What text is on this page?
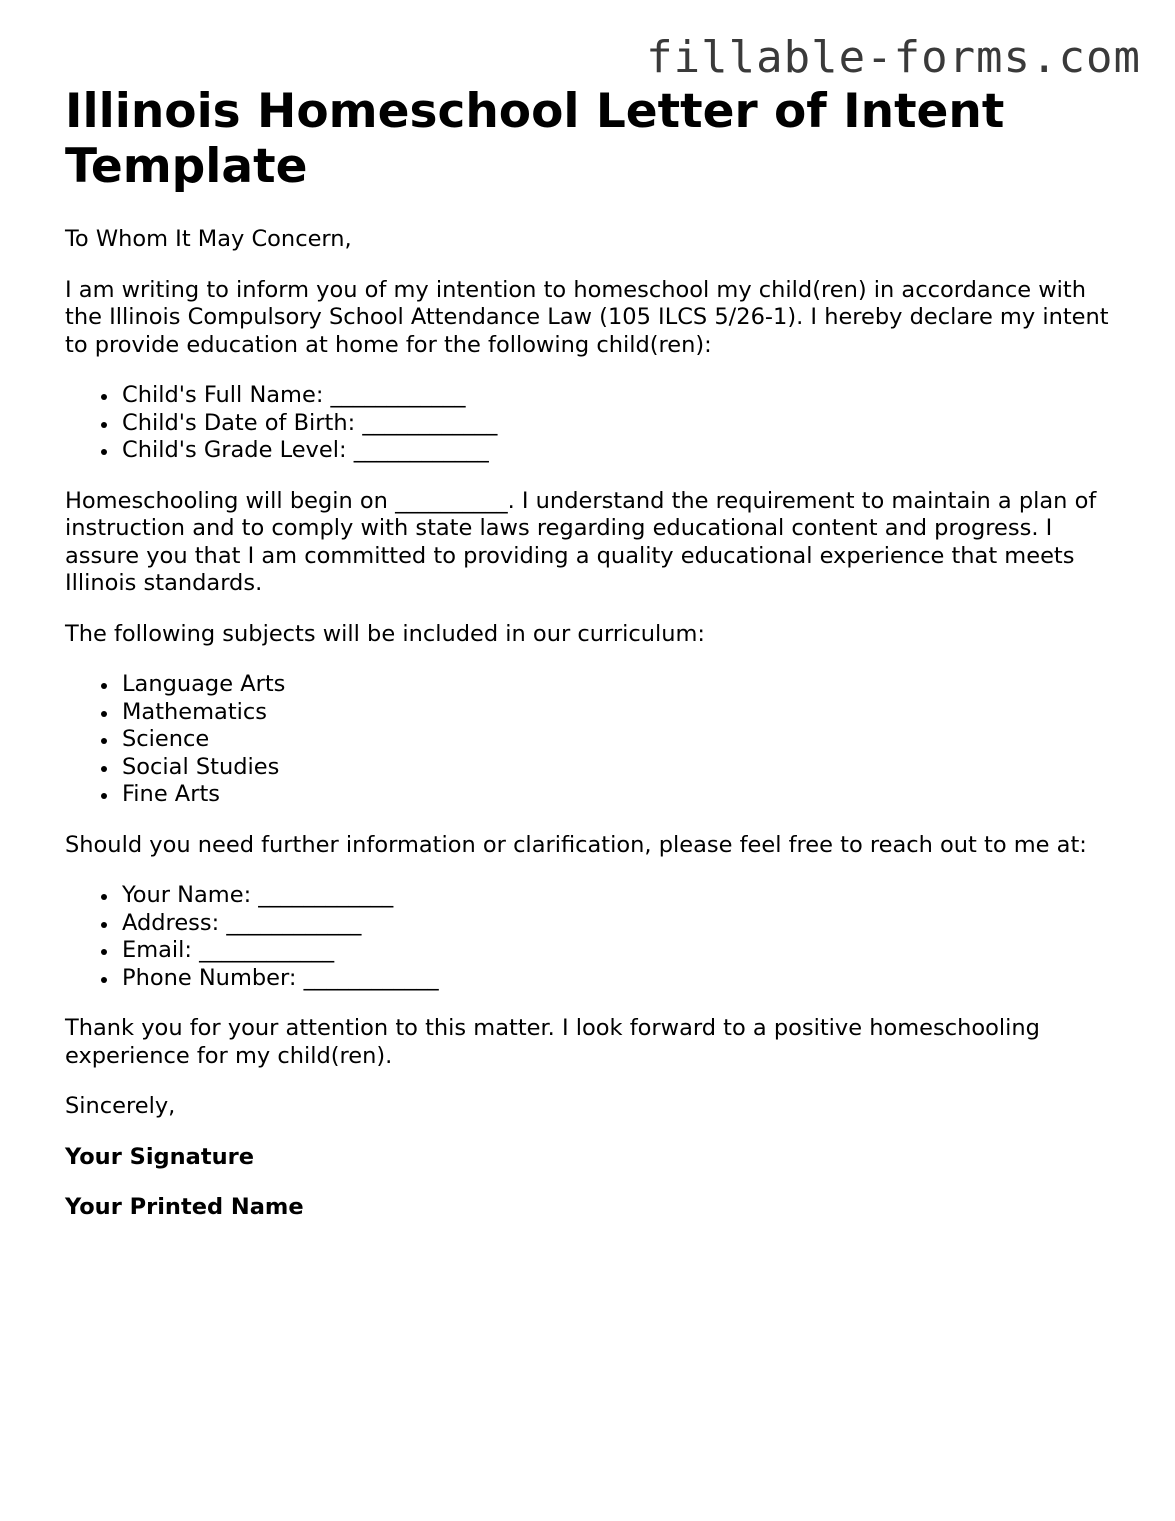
fillable-forms.com
Illinois Homeschool Letter of Intent Template

To Whom It May Concern,

I am writing to inform you of my intention to homeschool my child(ren) in accordance with the Illinois Compulsory School Attendance Law (105 ILCS 5/26-1). I hereby declare my intent to provide education at home for the following child(ren):

Child's Full Name: ____________
Child's Date of Birth: ____________
Child's Grade Level: ____________

Homeschooling will begin on __________. I understand the requirement to maintain a plan of instruction and to comply with state laws regarding educational content and progress. I assure you that I am committed to providing a quality educational experience that meets Illinois standards.

The following subjects will be included in our curriculum:

Language Arts
Mathematics
Science
Social Studies
Fine Arts

Should you need further information or clarification, please feel free to reach out to me at:

Your Name: ____________
Address: ____________
Email: ____________
Phone Number: ____________

Thank you for your attention to this matter. I look forward to a positive homeschooling experience for my child(ren).

Sincerely,

Your Signature

Your Printed Name
